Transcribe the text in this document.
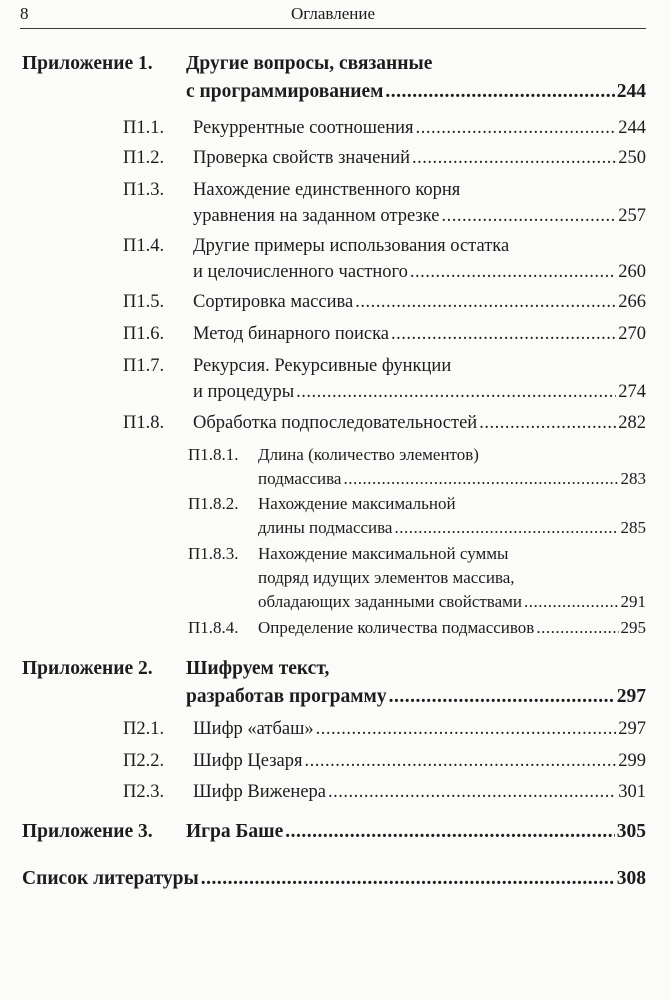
8	Оглавление
Приложение 1. Другие вопросы, связанные
с программированием .....	244
П1.1. Рекуррентные соотношения .....	244
П1.2. Проверка свойств значений .....	250
П1.3. Нахождение единственного корня
уравнения на заданном отрезке .....	257
П1.4. Другие примеры использования остатка
и целочисленного частного .....	260
П1.5. Сортировка массива .....	266
П1.6. Метод бинарного поиска .....	270
П1.7. Рекурсия. Рекурсивные функции
и процедуры .....	274
П1.8. Обработка подпоследовательностей .....	282
П1.8.1. Длина (количество элементов)
подмассива .....	283
П1.8.2. Нахождение максимальной
длины подмассива .....	285
П1.8.3. Нахождение максимальной суммы
подряд идущих элементов массива,
обладающих заданными свойствами .....	291
П1.8.4. Определение количества подмассивов .....	295
Приложение 2. Шифруем текст,
разработав программу .....	297
П2.1. Шифр «атбаш» .....	297
П2.2. Шифр Цезаря .....	299
П2.3. Шифр Виженера .....	301
Приложение 3. Игра Баше .....	305
Список литературы .....	308
